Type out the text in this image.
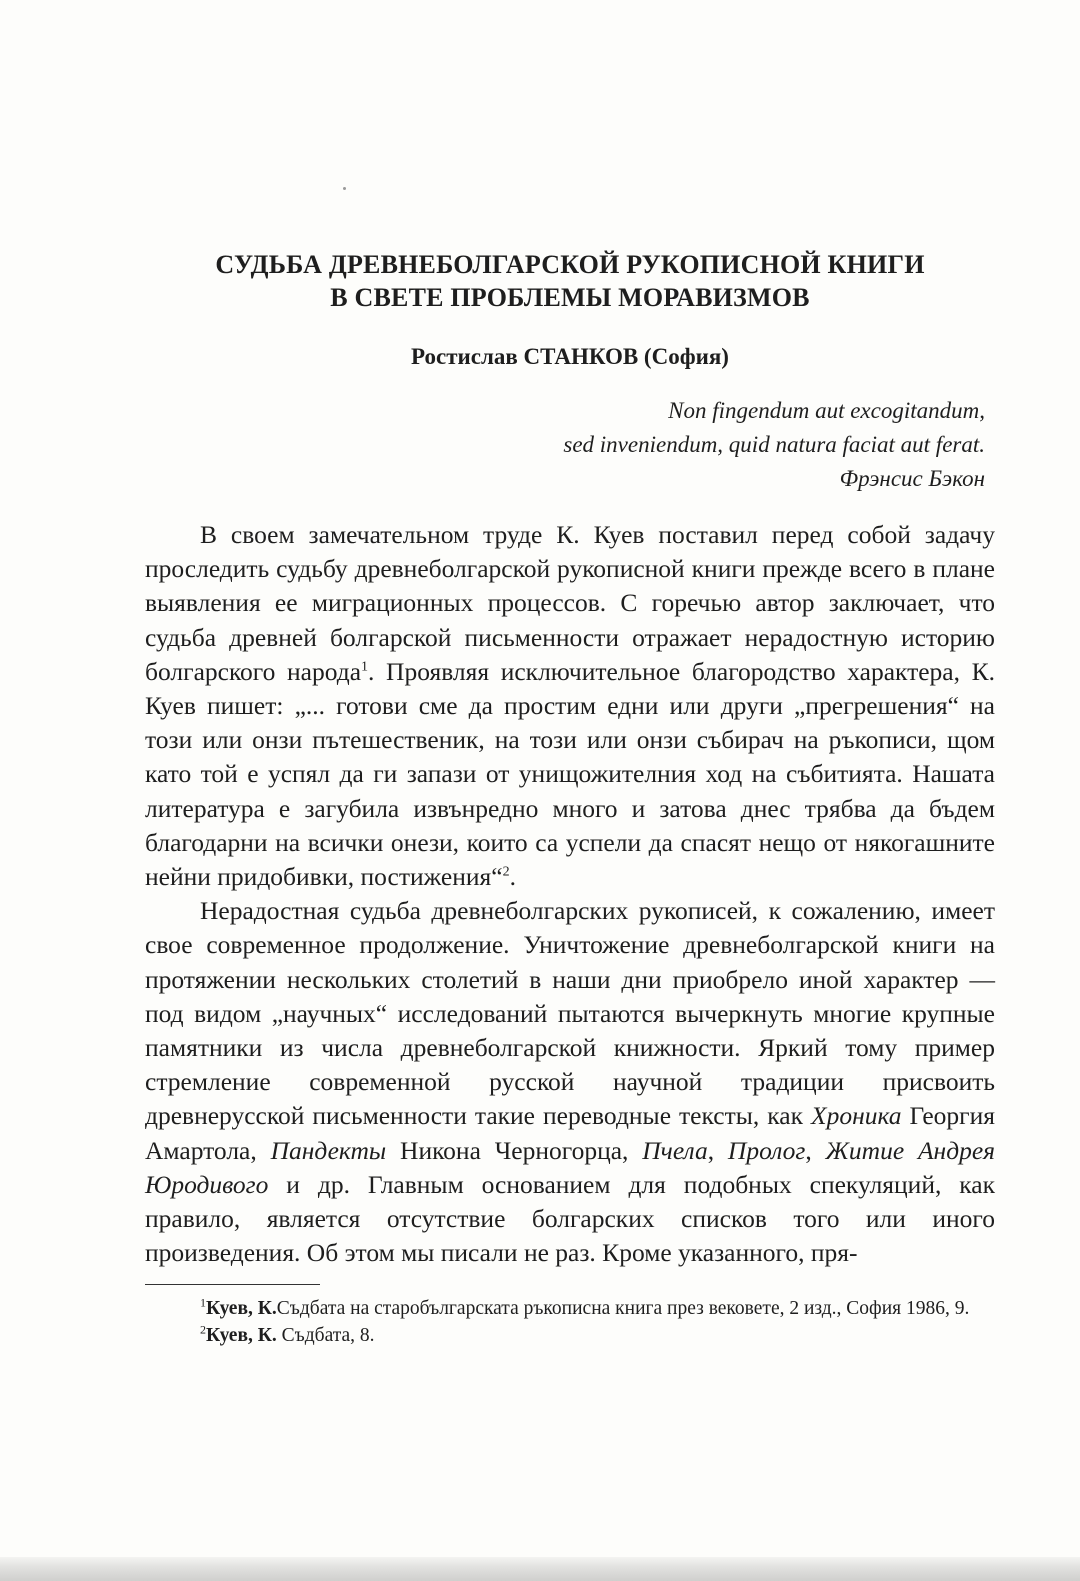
СУДЬБА ДРЕВНЕБОЛГАРСКОЙ РУКОПИСНОЙ КНИГИ
В СВЕТЕ ПРОБЛЕМЫ МОРАВИЗМОВ
Ростислав СТАНКОВ (София)
Non fingendum aut excogitandum,
sed inveniendum, quid natura faciat aut ferat.
Фрэнсис Бэкон

В своем замечательном труде К. Куев поставил перед собой задачу проследить судьбу древнеболгарской рукописной книги прежде всего в плане выявления ее миграционных процессов. С горечью автор заключает, что судьба древней болгарской письменности отражает нерадостную историю болгарского народа$^1$. Проявляя исключительное благородство характера, К. Куев пишет: „... готови сме да простим едни или други „прегрешения“ на този или онзи пътешественик, на този или онзи събирач на ръкописи, щом като той е успял да ги запази от унищожителния ход на събитията. Нашата литература е загубила извънредно много и затова днес трябва да бъдем благодарни на всички онези, които са успели да спасят нещо от някогашните нейни придобивки, постижения“$^2$.

Нерадостная судьба древнеболгарских рукописей, к сожалению, имеет свое современное продолжение. Уничтожение древнеболгарской книги на протяжении нескольких столетий в наши дни приобрело иной характер — под видом „научных“ исследований пытаются вычеркнуть многие крупные памятники из числа древнеболгарской книжности. Яркий тому пример стремление современной русской научной традиции присвоить древнерусской письменности такие переводные тексты, как Хроника Георгия Амартола, Пандекты Никона Черногорца, Пчела, Пролог, Житие Андрея Юродивого и др. Главным основанием для подобных спекуляций, как правило, является отсутствие болгарских списков того или иного произведения. Об этом мы писали не раз. Кроме указанного, пря-

$^1$Куев, К.Съдбата на старобългарската ръкописна книга през вековете, 2 изд., София 1986, 9.

$^2$Куев, К. Съдбата, 8.
